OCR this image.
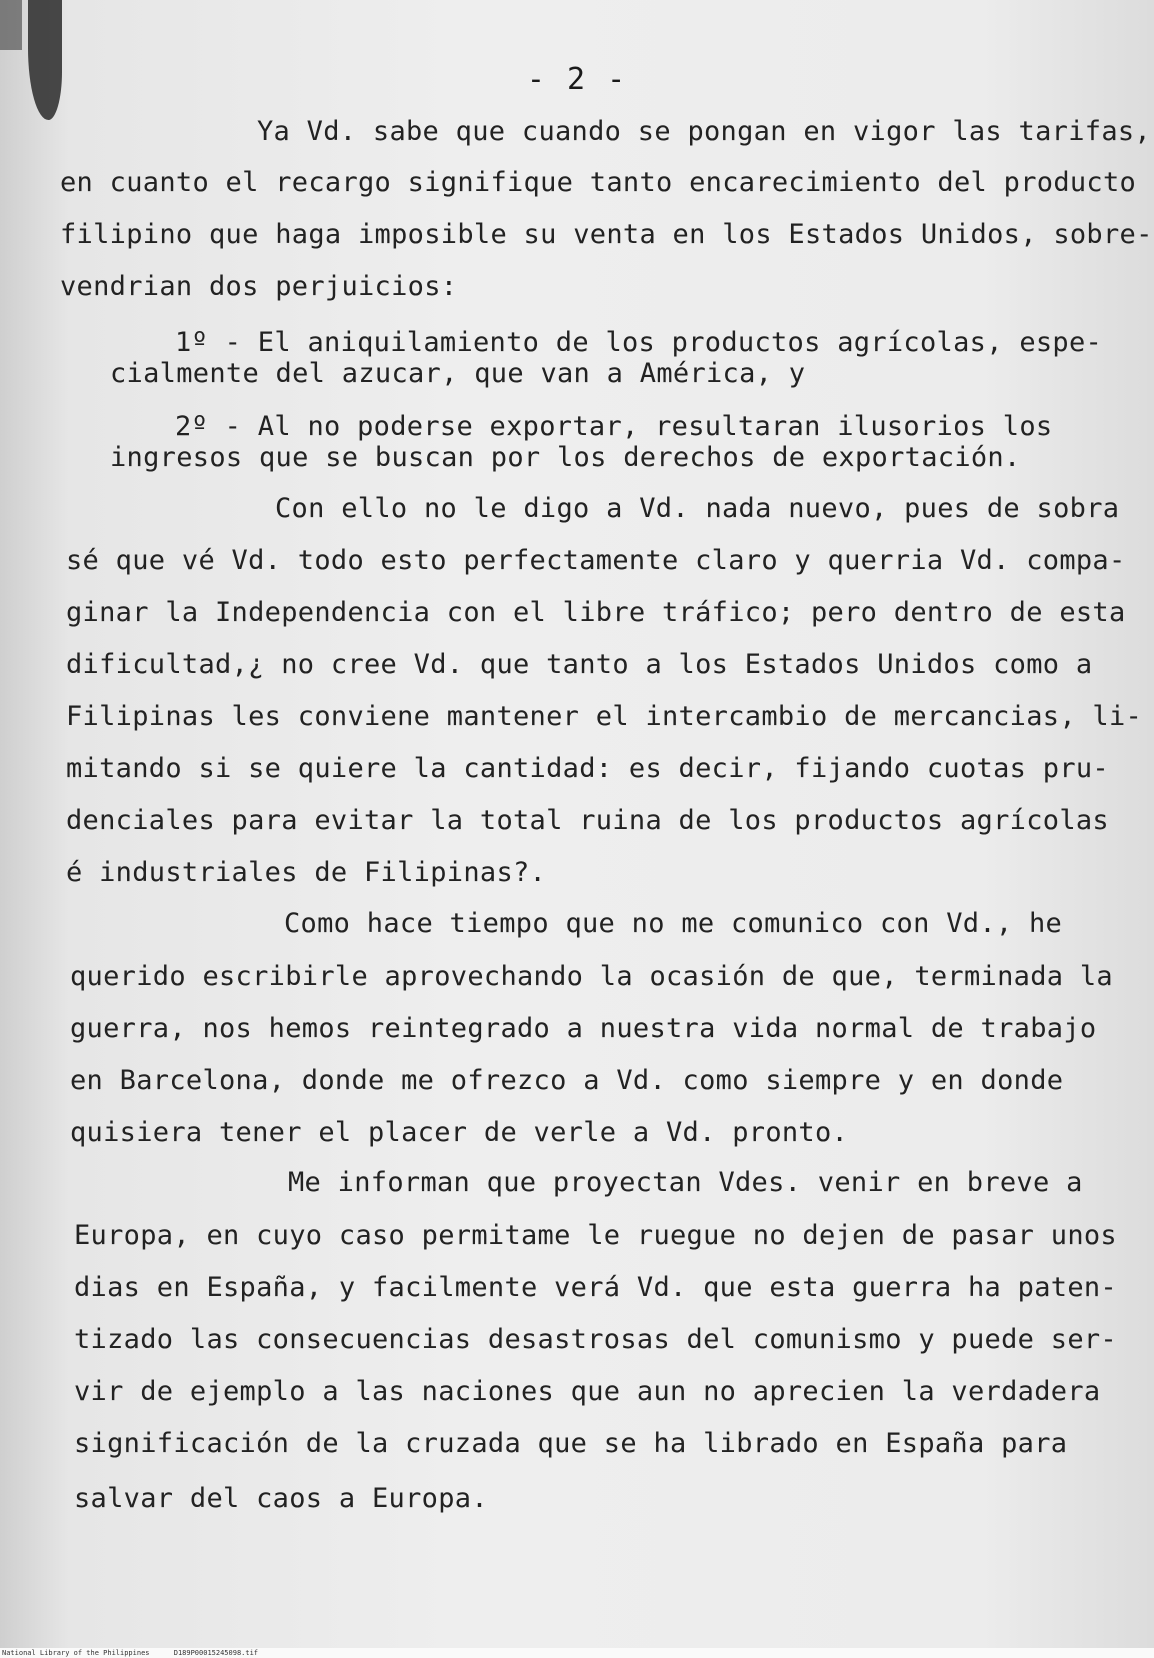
- 2 -
Ya Vd. sabe que cuando se pongan en vigor las tarifas,
en cuanto el recargo signifique tanto encarecimiento del producto
filipino que haga imposible su venta en los Estados Unidos, sobre-
vendrian dos perjuicios:
1º - El aniquilamiento de los productos agrícolas, espe-
cialmente del azucar, que van a América, y
2º - Al no poderse exportar, resultaran ilusorios los
ingresos que se buscan por los derechos de exportación.
Con ello no le digo a Vd. nada nuevo, pues de sobra
sé que vé Vd. todo esto perfectamente claro y querria Vd. compa-
ginar la Independencia con el libre tráfico; pero dentro de esta
dificultad,¿ no cree Vd. que tanto a los Estados Unidos como a
Filipinas les conviene mantener el intercambio de mercancias, li-
mitando si se quiere la cantidad: es decir, fijando cuotas pru-
denciales para evitar la total ruina de los productos agrícolas
é industriales de Filipinas?.
Como hace tiempo que no me comunico con Vd., he
querido escribirle aprovechando la ocasión de que, terminada la
guerra, nos hemos reintegrado a nuestra vida normal de trabajo
en Barcelona, donde me ofrezco a Vd. como siempre y en donde
quisiera tener el placer de verle a Vd. pronto.
Me informan que proyectan Vdes. venir en breve a
Europa, en cuyo caso permitame le ruegue no dejen de pasar unos
dias en España, y facilmente verá Vd. que esta guerra ha paten-
tizado las consecuencias desastrosas del comunismo y puede ser-
vir de ejemplo a las naciones que aun no aprecien la verdadera
significación de la cruzada que se ha librado en España para
salvar del caos a Europa.
National Library of the Philippines	D189P00015245098.tif
